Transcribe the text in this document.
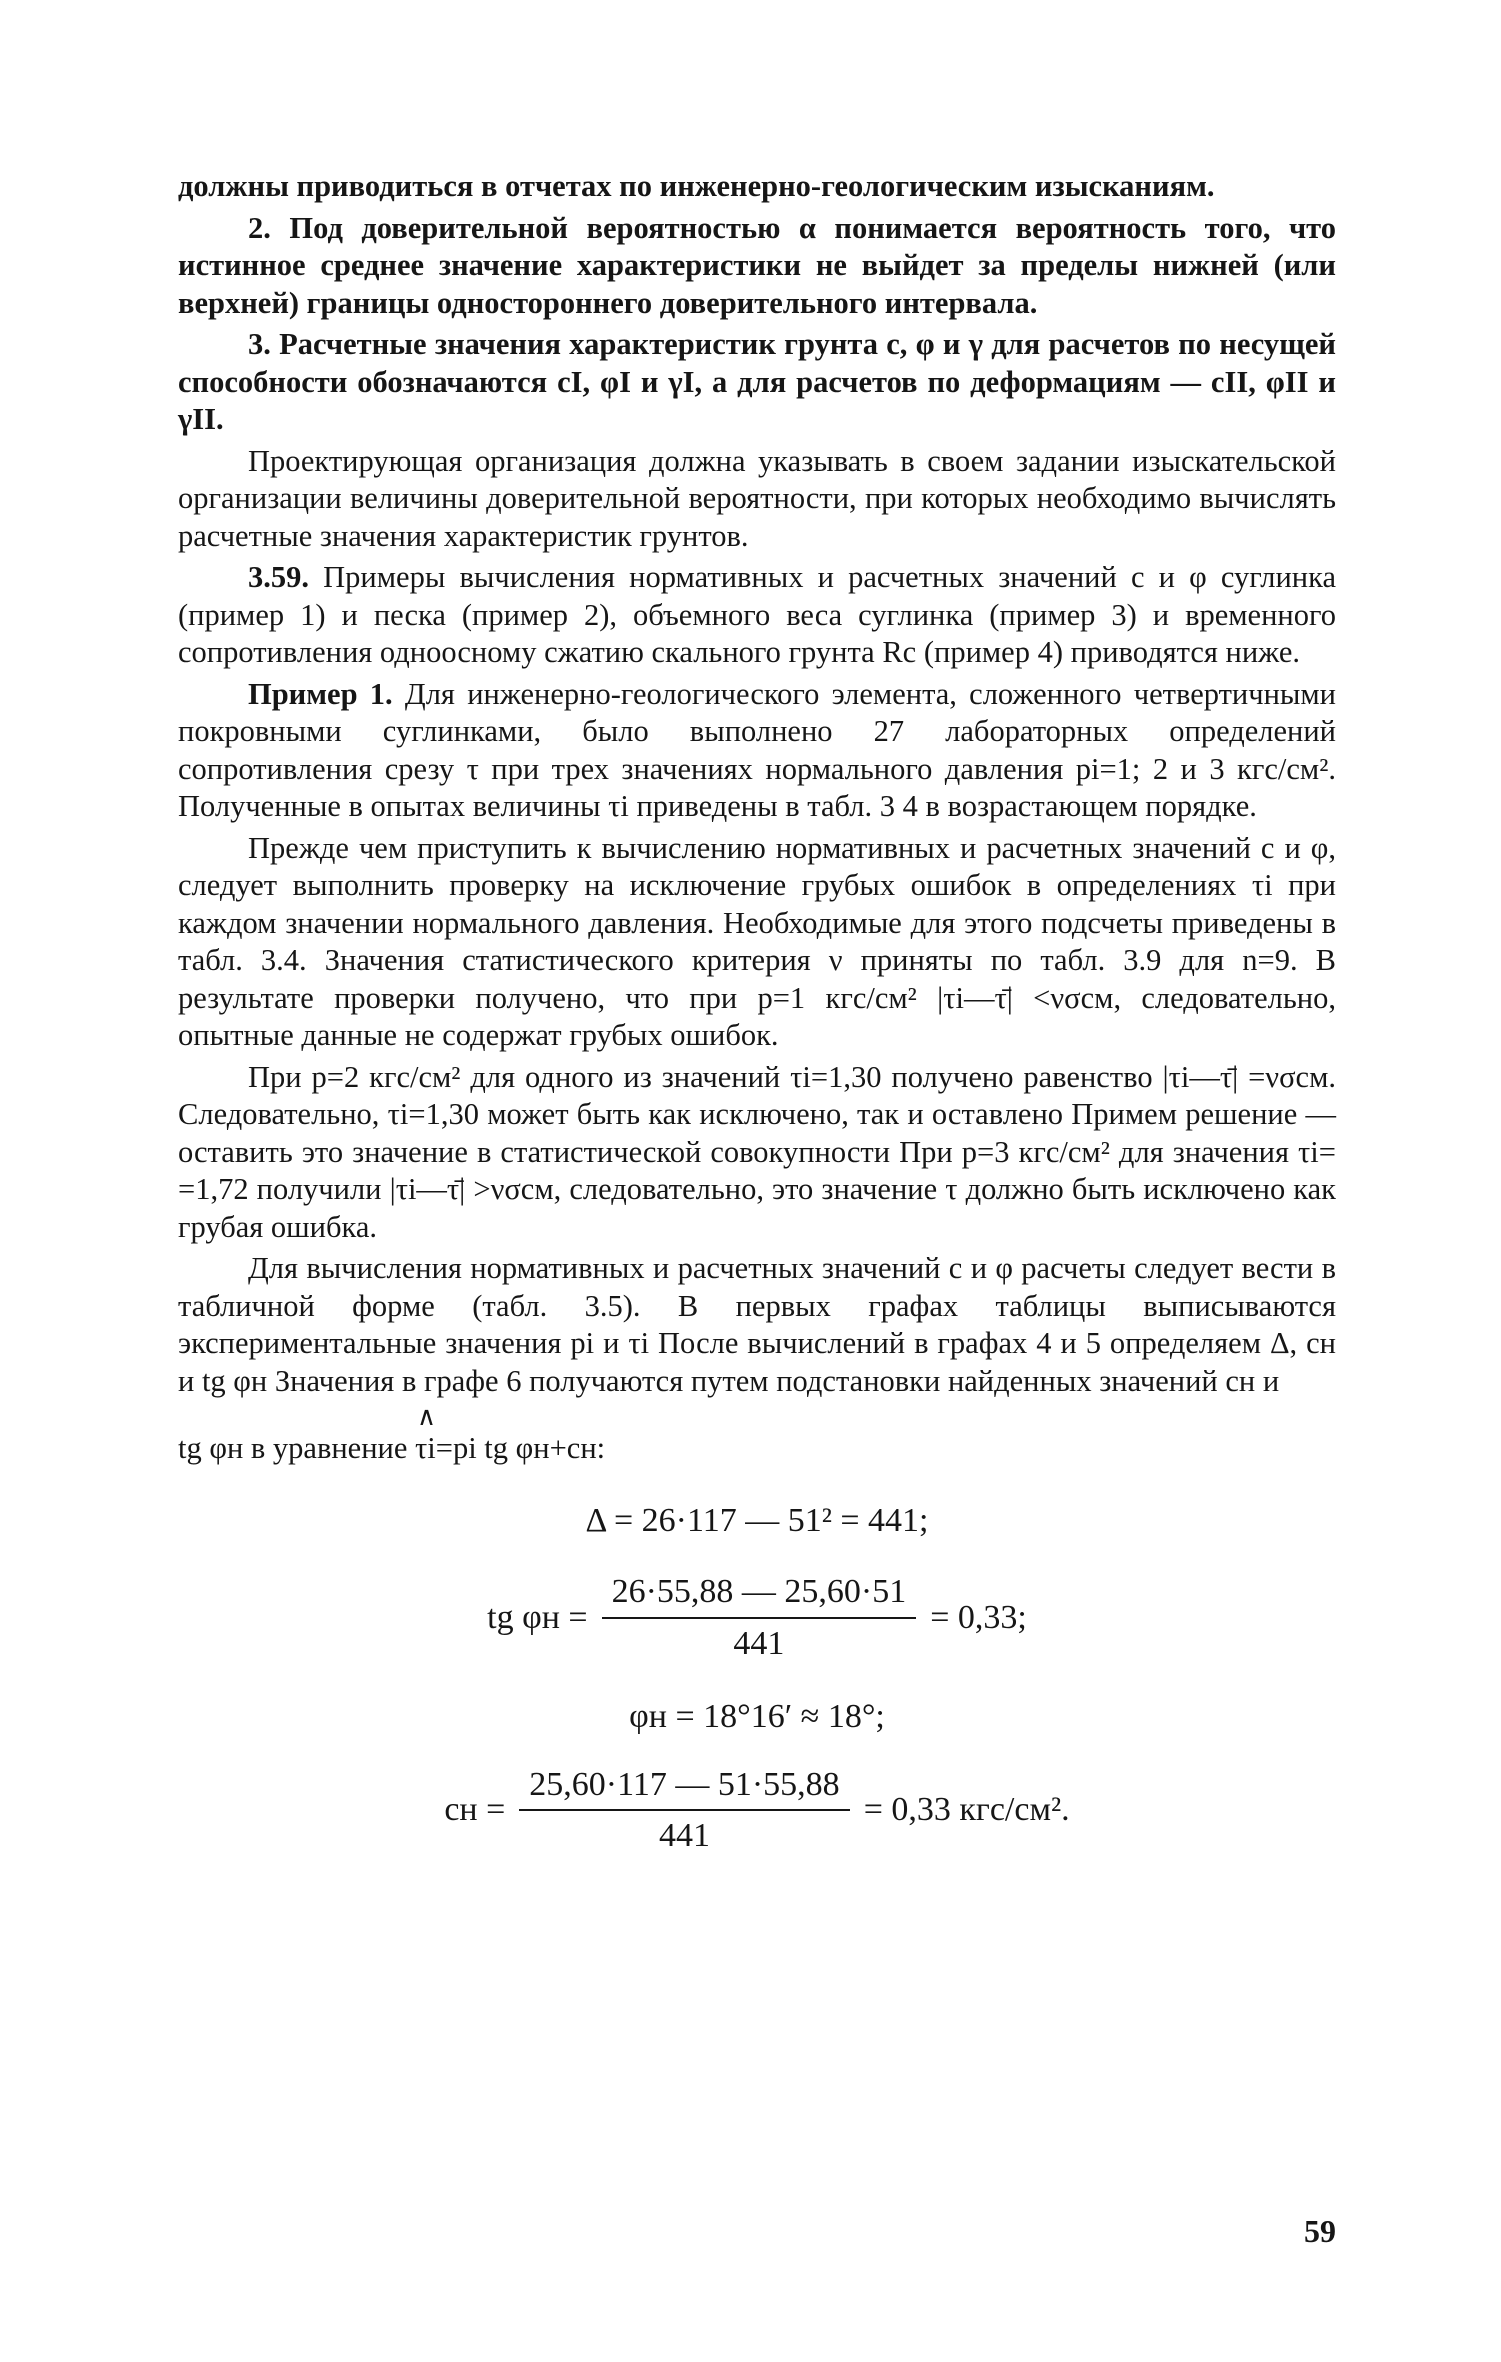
должны приводиться в отчетах по инженерно-геологическим изысканиям.

2. Под доверительной вероятностью α понимается вероятность того, что истинное среднее значение характеристики не выйдет за пределы нижней (или верхней) границы одностороннего доверительного интервала.

3. Расчетные значения характеристик грунта c, φ и γ для расчетов по несущей способности обозначаются cI, φI и γI, а для расчетов по деформациям — cII, φII и γII.

Проектирующая организация должна указывать в своем задании изыскательской организации величины доверительной вероятности, при которых необходимо вычислять расчетные значения характеристик грунтов.

3.59. Примеры вычисления нормативных и расчетных значений c и φ суглинка (пример 1) и песка (пример 2), объемного веса суглинка (пример 3) и временного сопротивления одноосному сжатию скального грунта Rc (пример 4) приводятся ниже.

Пример 1. Для инженерно-геологического элемента, сложенного четвертичными покровными суглинками, было выполнено 27 лабораторных определений сопротивления срезу τ при трех значениях нормального давления pi=1; 2 и 3 кгс/см². Полученные в опытах величины τi приведены в табл. 3 4 в возрастающем порядке.

Прежде чем приступить к вычислению нормативных и расчетных значений c и φ, следует выполнить проверку на исключение грубых ошибок в определениях τi при каждом значении нормального давления. Необходимые для этого подсчеты приведены в табл. 3.4. Значения статистического критерия ν приняты по табл. 3.9 для n=9. В результате проверки получено, что при p=1 кгс/см² |τi—τ̄| <νσсм, следовательно, опытные данные не содержат грубых ошибок.

При p=2 кгс/см² для одного из значений τi=1,30 получено равенство |τi—τ̄| =νσсм. Следовательно, τi=1,30 может быть как исключено, так и оставлено Примем решение — оставить это значение в статистической совокупности При p=3 кгс/см² для значения τi= =1,72 получили |τi—τ̄| >νσсм, следовательно, это значение τ должно быть исключено как грубая ошибка.

Для вычисления нормативных и расчетных значений c и φ расчеты следует вести в табличной форме (табл. 3.5). В первых графах таблицы выписываются экспериментальные значения pi и τi После вычислений в графах 4 и 5 определяем Δ, cн и tg φн Значения в графе 6 получаются путем подстановки найденных значений cн и

tg φн в уравнение
∧
τi=pi tg φн+cн:

Δ = 26·117 — 51² = 441;
tg $\varphi н = \frac{26\cdot 55,88 — 25,60\cdot 51}{441} = 0,33$;
φн = 18°16′ ≈ 18°;
cн = $\frac{25,60\cdot 117 — 51\cdot 55,88}{441} = 0,33$ кгс/см².
59
